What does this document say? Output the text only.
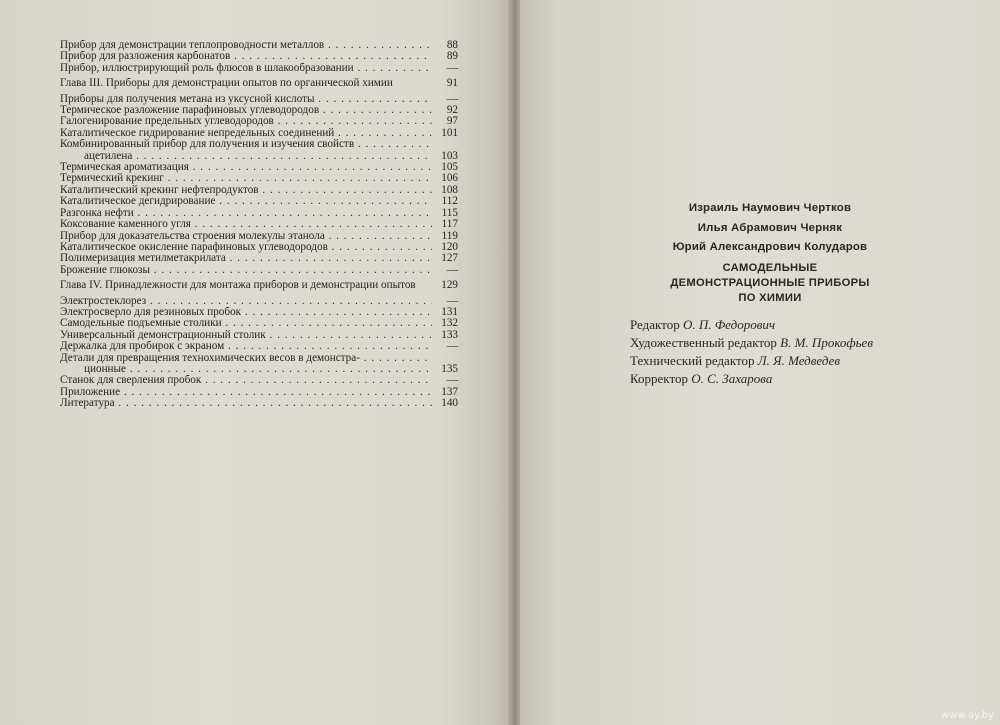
Прибор для демонстрации теплопроводности металлов . . .	88
Прибор для разложения карбонатов . . .	89
Прибор, иллюстрирующий роль флюсов в шлакообразовании . . .	—
Глава III. Приборы для демонстрации опытов по органической химии	91
Приборы для получения метана из уксусной кислоты . . .	—
Термическое разложение парафиновых углеводородов . . .	92
Галогенирование предельных углеводородов . . .	97
Каталитическое гидрирование непредельных соединений . . .	101
Комбинированный прибор для получения и изучения свойств . . .
ацетилена . . .	103
Термическая ароматизация . . .	105
Термический крекинг . . .	106
Каталитический крекинг нефтепродуктов . . .	108
Каталитическое дегидрирование . . .	112
Разгонка нефти . . .	115
Коксование каменного угля . . .	117
Прибор для доказательства строения молекулы этанола . . .	119
Каталитическое окисление парафиновых углеводородов . . .	120
Полимеризация метилметакрилата . . .	127
Брожение глюкозы . . .	—
Глава IV. Принадлежности для монтажа приборов и демонстрации опытов	129
Электростеклорез . . .	—
Электросверло для резиновых пробок . . .	131
Самодельные подъемные столики . . .	132
Универсальный демонстрационный столик . . .	133
Держалка для пробирок с экраном . . .	—
Детали для превращения технохимических весов в демонстра- . . .
ционные . . .	135
Станок для сверления пробок . . .	—
Приложение . . .	137
Литература . . .	140
Израиль Наумович Чертков
Илья Абрамович Черняк
Юрий Александрович Колударов
САМОДЕЛЬНЫЕ
ДЕМОНСТРАЦИОННЫЕ ПРИБОРЫ
ПО ХИМИИ
Редактор О. П. Федорович
Художественный редактор В. М. Прокофьев
Технический редактор Л. Я. Медведев
Корректор О. С. Захарова
www.ay.by
